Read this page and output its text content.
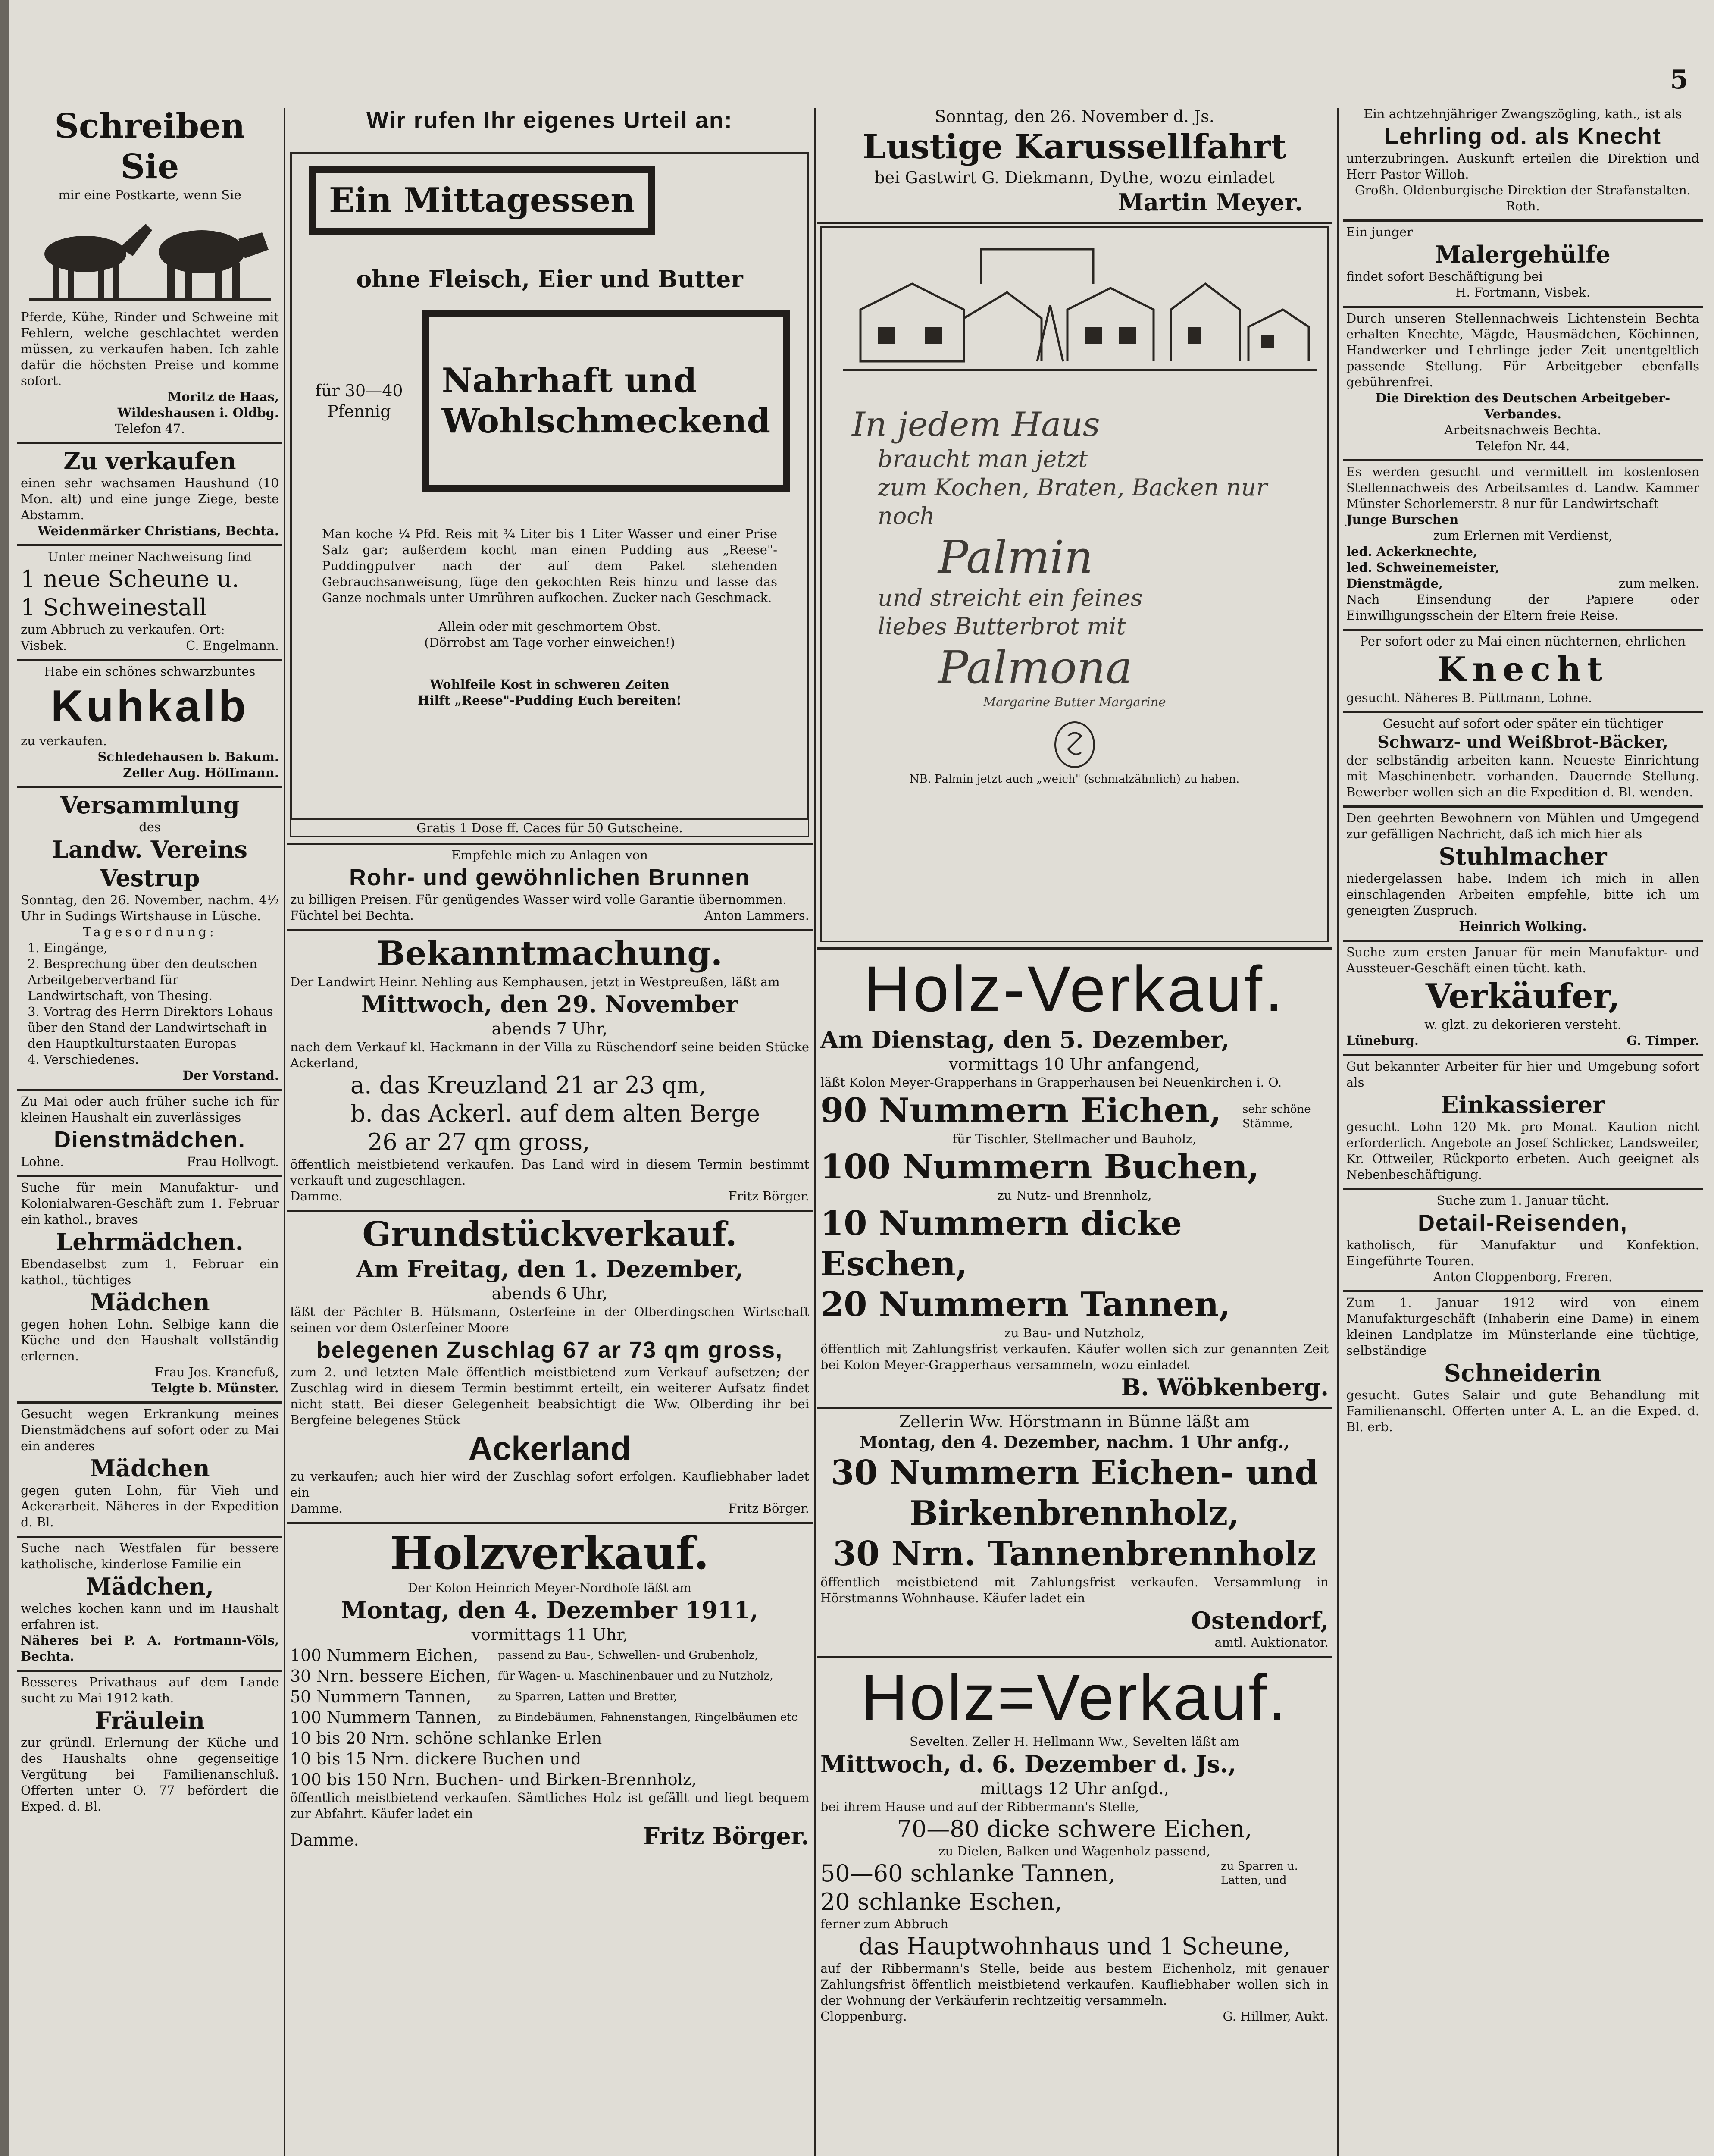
5
Schreiben Sie
mir eine Postkarte, wenn Sie
Pferde, Kühe, Rinder und Schweine mit Fehlern, welche geschlachtet werden müssen, zu verkaufen haben. Ich zahle dafür die höchsten Preise und komme sofort.
Moritz de Haas,
Wildeshausen i. Oldbg.
Telefon 47.
Zu verkaufen
einen sehr wachsamen Haushund (10 Mon. alt) und eine junge Ziege, beste Abstamm.
Weidenmärker Christians, Bechta.
Unter meiner Nachweisung find
1 neue Scheune u.
1 Schweinestall
zum Abbruch zu verkaufen. Ort:
Visbek.	C. Engelmann.
Habe ein schönes schwarzbuntes
Kuhkalb
zu verkaufen.
Schledehausen b. Bakum.
Zeller Aug. Höffmann.
Versammlung
des
Landw. Vereins
Vestrup
Sonntag, den 26. November, nachm. 4½ Uhr in Sudings Wirtshause in Lüsche.
Tagesordnung:
1. Eingänge,
2. Besprechung über den deutschen Arbeitgeberverband für Landwirtschaft, von Thesing.
3. Vortrag des Herrn Direktors Lohaus über den Stand der Landwirtschaft in den Hauptkulturstaaten Europas
4. Verschiedenes.
Der Vorstand.
Zu Mai oder auch früher suche ich für kleinen Haushalt ein zuverlässiges
Dienstmädchen.
Lohne.	Frau Hollvogt.
Suche für mein Manufaktur- und Kolonialwaren-Geschäft zum 1. Februar ein kathol., braves
Lehrmädchen.
Ebendaselbst zum 1. Februar ein kathol., tüchtiges
Mädchen
gegen hohen Lohn. Selbige kann die Küche und den Haushalt vollständig erlernen.
Frau Jos. Kranefuß,
Telgte b. Münster.
Gesucht wegen Erkrankung meines Dienstmädchens auf sofort oder zu Mai ein anderes
Mädchen
gegen guten Lohn, für Vieh und Ackerarbeit. Näheres in der Expedition d. Bl.
Suche nach Westfalen für bessere katholische, kinderlose Familie ein
Mädchen,
welches kochen kann und im Haushalt erfahren ist.
Näheres bei P. A. Fortmann-Völs, Bechta.
Besseres Privathaus auf dem Lande sucht zu Mai 1912 kath.
Fräulein
zur gründl. Erlernung der Küche und des Haushalts ohne gegenseitige Vergütung bei Familienanschluß. Offerten unter O. 77 befördert die Exped. d. Bl.
Wir rufen Ihr eigenes Urteil an:
Ein Mittagessen
ohne Fleisch, Eier und Butter
für 30—40
Pfennig
Nahrhaft und
Wohlschmeckend
Man koche ¼ Pfd. Reis mit ¾ Liter bis 1 Liter Wasser und einer Prise Salz gar; außerdem kocht man einen Pudding aus „Reese"-Puddingpulver nach der auf dem Paket stehenden Gebrauchsanweisung, füge den gekochten Reis hinzu und lasse das Ganze nochmals unter Umrühren aufkochen. Zucker nach Geschmack.
Allein oder mit geschmortem Obst.
(Dörrobst am Tage vorher einweichen!)
Wohlfeile Kost in schweren Zeiten
Hilft „Reese"-Pudding Euch bereiten!
Gratis 1 Dose ff. Caces für 50 Gutscheine.
Empfehle mich zu Anlagen von
Rohr- und gewöhnlichen Brunnen
zu billigen Preisen. Für genügendes Wasser wird volle Garantie übernommen.
Füchtel bei Bechta.	Anton Lammers.
Bekanntmachung.
Der Landwirt Heinr. Nehling aus Kemphausen, jetzt in Westpreußen, läßt am
Mittwoch, den 29. November
abends 7 Uhr,
nach dem Verkauf kl. Hackmann in der Villa zu Rüschendorf seine beiden Stücke Ackerland,
a. das Kreuzland 21 ar 23 qm,
b. das Ackerl. auf dem alten Berge
26 ar 27 qm gross,
öffentlich meistbietend verkaufen. Das Land wird in diesem Termin bestimmt verkauft und zugeschlagen.
Damme.	Fritz Börger.
Grundstückverkauf.
Am Freitag, den 1. Dezember,
abends 6 Uhr,
läßt der Pächter B. Hülsmann, Osterfeine in der Olberdingschen Wirtschaft seinen vor dem Osterfeiner Moore
belegenen Zuschlag 67 ar 73 qm gross,
zum 2. und letzten Male öffentlich meistbietend zum Verkauf aufsetzen; der Zuschlag wird in diesem Termin bestimmt erteilt, ein weiterer Aufsatz findet nicht statt. Bei dieser Gelegenheit beabsichtigt die Ww. Olberding ihr bei Bergfeine belegenes Stück
Ackerland
zu verkaufen; auch hier wird der Zuschlag sofort erfolgen. Kaufliebhaber ladet ein
Damme.	Fritz Börger.
Holzverkauf.
Der Kolon Heinrich Meyer-Nordhofe läßt am
Montag, den 4. Dezember 1911,
vormittags 11 Uhr,
100 Nummern Eichen,	passend zu Bau-, Schwellen- und Grubenholz,
30 Nrn. bessere Eichen, für Wagen- u. Maschinenbauer und zu Nutzholz,
50 Nummern Tannen,	zu Sparren, Latten und Bretter,
100 Nummern Tannen,	zu Bindebäumen, Fahnenstangen, Ringelbäumen etc
10 bis 20 Nrn. schöne schlanke Erlen
10 bis 15 Nrn. dickere Buchen und
100 bis 150 Nrn. Buchen- und Birken-Brennholz,
öffentlich meistbietend verkaufen. Sämtliches Holz ist gefällt und liegt bequem zur Abfahrt. Käufer ladet ein
Damme.	Fritz Börger.
Sonntag, den 26. November d. Js.
Lustige Karussellfahrt
bei Gastwirt G. Diekmann, Dythe, wozu einladet
Martin Meyer.
In jedem Haus
braucht man jetzt
zum Kochen, Braten, Backen nur noch
Palmin
und streicht ein feines
liebes Butterbrot mit
Palmona
Margarine Butter Margarine
NB. Palmin jetzt auch „weich" (schmalzähnlich) zu haben.
Holz-Verkauf.
Am Dienstag, den 5. Dezember,
vormittags 10 Uhr anfangend,
läßt Kolon Meyer-Grapperhans in Grapperhausen bei Neuenkirchen i. O.
90 Nummern Eichen, sehr schöne Stämme,
für Tischler, Stellmacher und Bauholz,
100 Nummern Buchen,
zu Nutz- und Brennholz,
10 Nummern dicke Eschen,
20 Nummern Tannen,
zu Bau- und Nutzholz,
öffentlich mit Zahlungsfrist verkaufen. Käufer wollen sich zur genannten Zeit bei Kolon Meyer-Grapperhaus versammeln, wozu einladet
B. Wöbkenberg.
Zellerin Ww. Hörstmann in Bünne läßt am
Montag, den 4. Dezember, nachm. 1 Uhr anfg.,
30 Nummern Eichen- und Birkenbrennholz,
30 Nrn. Tannenbrennholz
öffentlich meistbietend mit Zahlungsfrist verkaufen. Versammlung in Hörstmanns Wohnhause. Käufer ladet ein
Ostendorf,
amtl. Auktionator.
Holz=Verkauf.
Sevelten. Zeller H. Hellmann Ww., Sevelten läßt am
Mittwoch, d. 6. Dezember d. Js.,
mittags 12 Uhr anfgd.,
bei ihrem Hause und auf der Ribbermann's Stelle,
70—80 dicke schwere Eichen,
zu Dielen, Balken und Wagenholz passend,
50—60 schlanke Tannen,	zu Sparren u. Latten, und
20 schlanke Eschen,
ferner zum Abbruch
das Hauptwohnhaus und 1 Scheune,
auf der Ribbermann's Stelle, beide aus bestem Eichenholz, mit genauer Zahlungsfrist öffentlich meistbietend verkaufen. Kaufliebhaber wollen sich in der Wohnung der Verkäuferin rechtzeitig versammeln.
Cloppenburg.	G. Hillmer, Aukt.
Ein achtzehnjähriger Zwangszögling, kath., ist als
Lehrling od. als Knecht
unterzubringen. Auskunft erteilen die Direktion und Herr Pastor Willoh.
Großh. Oldenburgische Direktion der Strafanstalten. Roth.
Ein junger
Malergehülfe
findet sofort Beschäftigung bei
H. Fortmann, Visbek.
Durch unseren Stellennachweis Lichtenstein Bechta erhalten Knechte, Mägde, Hausmädchen, Köchinnen, Handwerker und Lehrlinge jeder Zeit unentgeltlich passende Stellung. Für Arbeitgeber ebenfalls gebührenfrei.
Die Direktion des Deutschen Arbeitgeber-Verbandes.
Arbeitsnachweis Bechta.
Telefon Nr. 44.
Es werden gesucht und vermittelt im kostenlosen Stellennachweis des Arbeitsamtes d. Landw. Kammer Münster Schorlemerstr. 8 nur für Landwirtschaft
Junge Burschen
zum Erlernen mit Verdienst,
led. Ackerknechte,
led. Schweinemeister,
Dienstmägde,	zum melken.
Nach Einsendung der Papiere oder Einwilligungsschein der Eltern freie Reise.
Per sofort oder zu Mai einen nüchternen, ehrlichen
Knecht
gesucht. Näheres B. Püttmann, Lohne.
Gesucht auf sofort oder später ein tüchtiger
Schwarz- und Weißbrot-Bäcker,
der selbständig arbeiten kann. Neueste Einrichtung mit Maschinenbetr. vorhanden. Dauernde Stellung. Bewerber wollen sich an die Expedition d. Bl. wenden.
Den geehrten Bewohnern von Mühlen und Umgegend zur gefälligen Nachricht, daß ich mich hier als
Stuhlmacher
niedergelassen habe. Indem ich mich in allen einschlagenden Arbeiten empfehle, bitte ich um geneigten Zuspruch.
Heinrich Wolking.
Suche zum ersten Januar für mein Manufaktur- und Aussteuer-Geschäft einen tücht. kath.
Verkäufer,
w. glzt. zu dekorieren versteht.
Lüneburg.	G. Timper.
Gut bekannter Arbeiter für hier und Umgebung sofort als
Einkassierer
gesucht. Lohn 120 Mk. pro Monat. Kaution nicht erforderlich. Angebote an Josef Schlicker, Landsweiler, Kr. Ottweiler, Rückporto erbeten. Auch geeignet als Nebenbeschäftigung.
Suche zum 1. Januar tücht.
Detail-Reisenden,
katholisch, für Manufaktur und Konfektion. Eingeführte Touren.
Anton Cloppenborg, Freren.
Zum 1. Januar 1912 wird von einem Manufakturgeschäft (Inhaberin eine Dame) in einem kleinen Landplatze im Münsterlande eine tüchtige, selbständige
Schneiderin
gesucht. Gutes Salair und gute Behandlung mit Familienanschl. Offerten unter A. L. an die Exped. d. Bl. erb.
